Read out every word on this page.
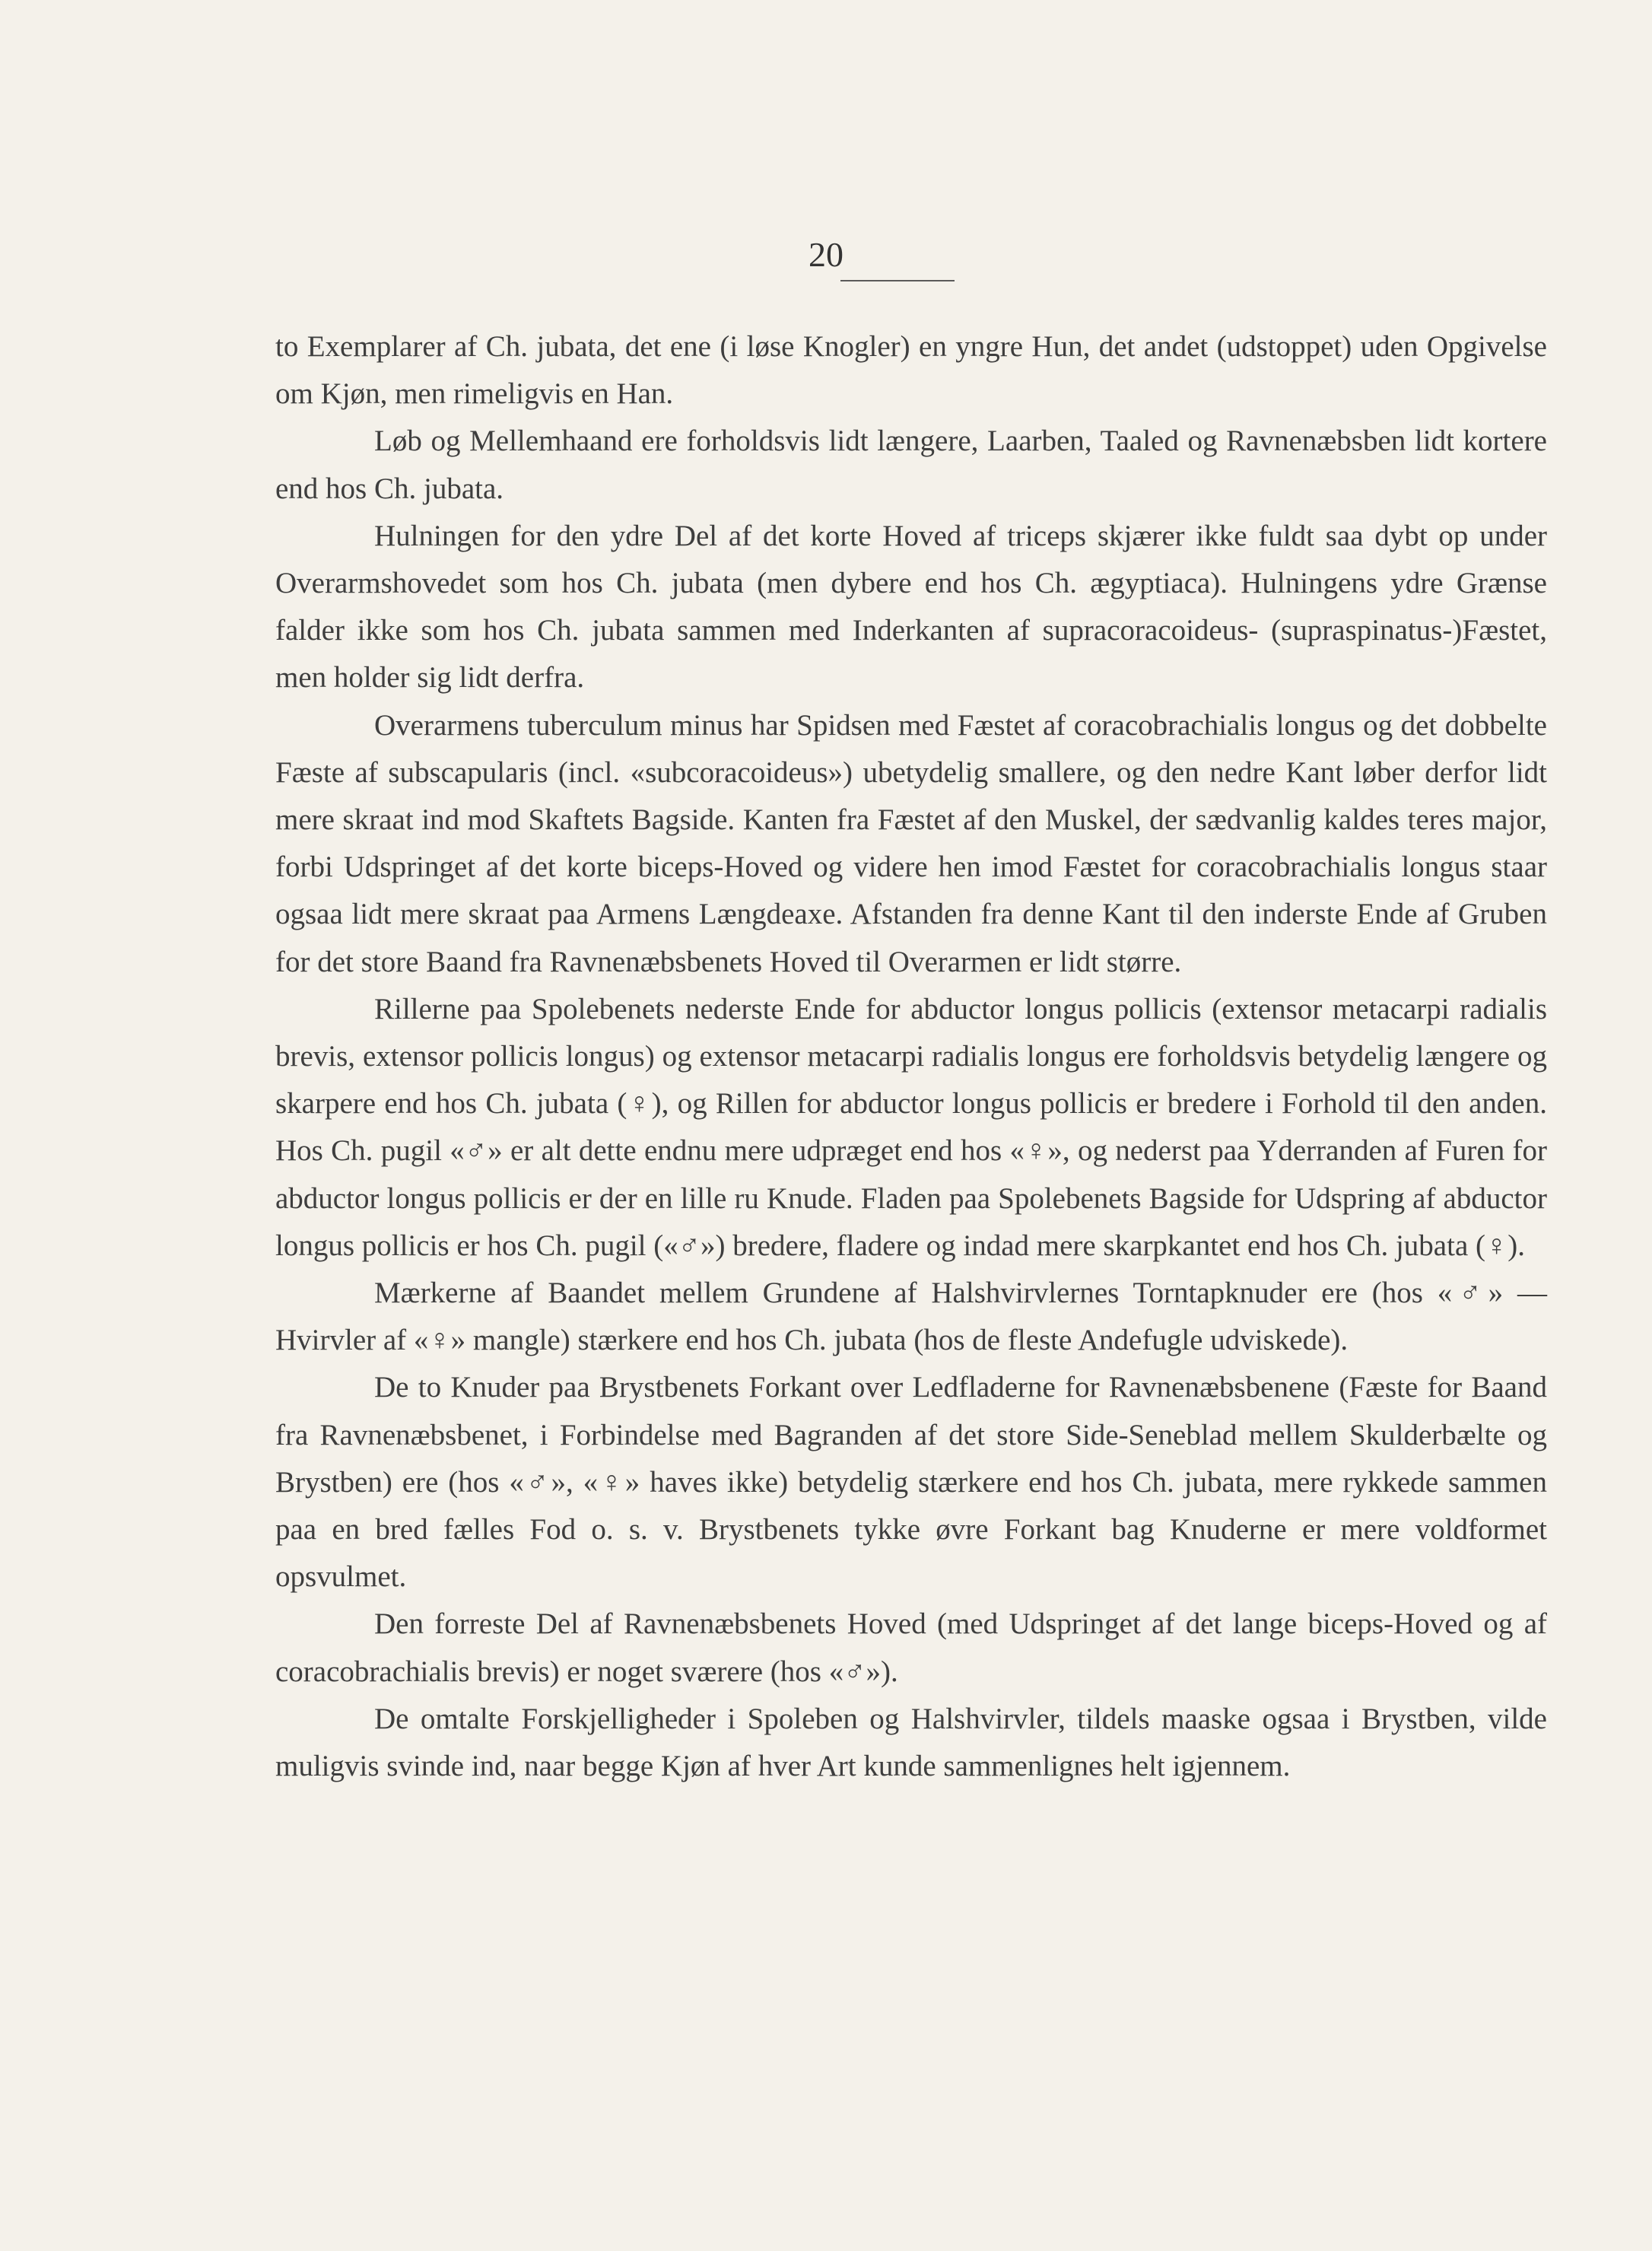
20

to Exemplarer af Ch. jubata, det ene (i løse Knogler) en yngre Hun, det andet (udstoppet) uden Opgivelse om Kjøn, men rimeligvis en Han.

Løb og Mellemhaand ere forholdsvis lidt længere, Laarben, Taaled og Ravnenæbsben lidt kortere end hos Ch. jubata.

Hulningen for den ydre Del af det korte Hoved af triceps skjærer ikke fuldt saa dybt op under Overarmshovedet som hos Ch. jubata (men dybere end hos Ch. ægyptiaca). Hulningens ydre Grænse falder ikke som hos Ch. jubata sammen med Inderkanten af supracoracoideus- (supraspinatus-)Fæstet, men holder sig lidt derfra.

Overarmens tuberculum minus har Spidsen med Fæstet af coracobrachialis longus og det dobbelte Fæste af subscapularis (incl. «subcoracoideus») ubetydelig smallere, og den nedre Kant løber derfor lidt mere skraat ind mod Skaftets Bagside. Kanten fra Fæstet af den Muskel, der sædvanlig kaldes teres major, forbi Udspringet af det korte biceps-Hoved og videre hen imod Fæstet for coracobrachialis longus staar ogsaa lidt mere skraat paa Armens Længdeaxe. Afstanden fra denne Kant til den inderste Ende af Gruben for det store Baand fra Ravnenæbsbenets Hoved til Overarmen er lidt større.

Rillerne paa Spolebenets nederste Ende for abductor longus pollicis (extensor metacarpi radialis brevis, extensor pollicis longus) og extensor metacarpi radialis longus ere forholdsvis betydelig længere og skarpere end hos Ch. jubata (♀), og Rillen for abductor longus pollicis er bredere i Forhold til den anden. Hos Ch. pugil «♂» er alt dette endnu mere udpræget end hos «♀», og nederst paa Yderranden af Furen for abductor longus pollicis er der en lille ru Knude. Fladen paa Spolebenets Bagside for Udspring af abductor longus pollicis er hos Ch. pugil («♂») bredere, fladere og indad mere skarpkantet end hos Ch. jubata (♀).

Mærkerne af Baandet mellem Grundene af Halshvirvlernes Torntapknuder ere (hos «♂» — Hvirvler af «♀» mangle) stærkere end hos Ch. jubata (hos de fleste Andefugle udviskede).

De to Knuder paa Brystbenets Forkant over Ledfladerne for Ravnenæbsbenene (Fæste for Baand fra Ravnenæbsbenet, i Forbindelse med Bagranden af det store Side-Seneblad mellem Skulderbælte og Brystben) ere (hos «♂», «♀» haves ikke) betydelig stærkere end hos Ch. jubata, mere rykkede sammen paa en bred fælles Fod o. s. v. Brystbenets tykke øvre Forkant bag Knuderne er mere voldformet opsvulmet.

Den forreste Del af Ravnenæbsbenets Hoved (med Udspringet af det lange biceps-Hoved og af coracobrachialis brevis) er noget sværere (hos «♂»).

De omtalte Forskjelligheder i Spoleben og Halshvirvler, tildels maaske ogsaa i Brystben, vilde muligvis svinde ind, naar begge Kjøn af hver Art kunde sammenlignes helt igjennem.
